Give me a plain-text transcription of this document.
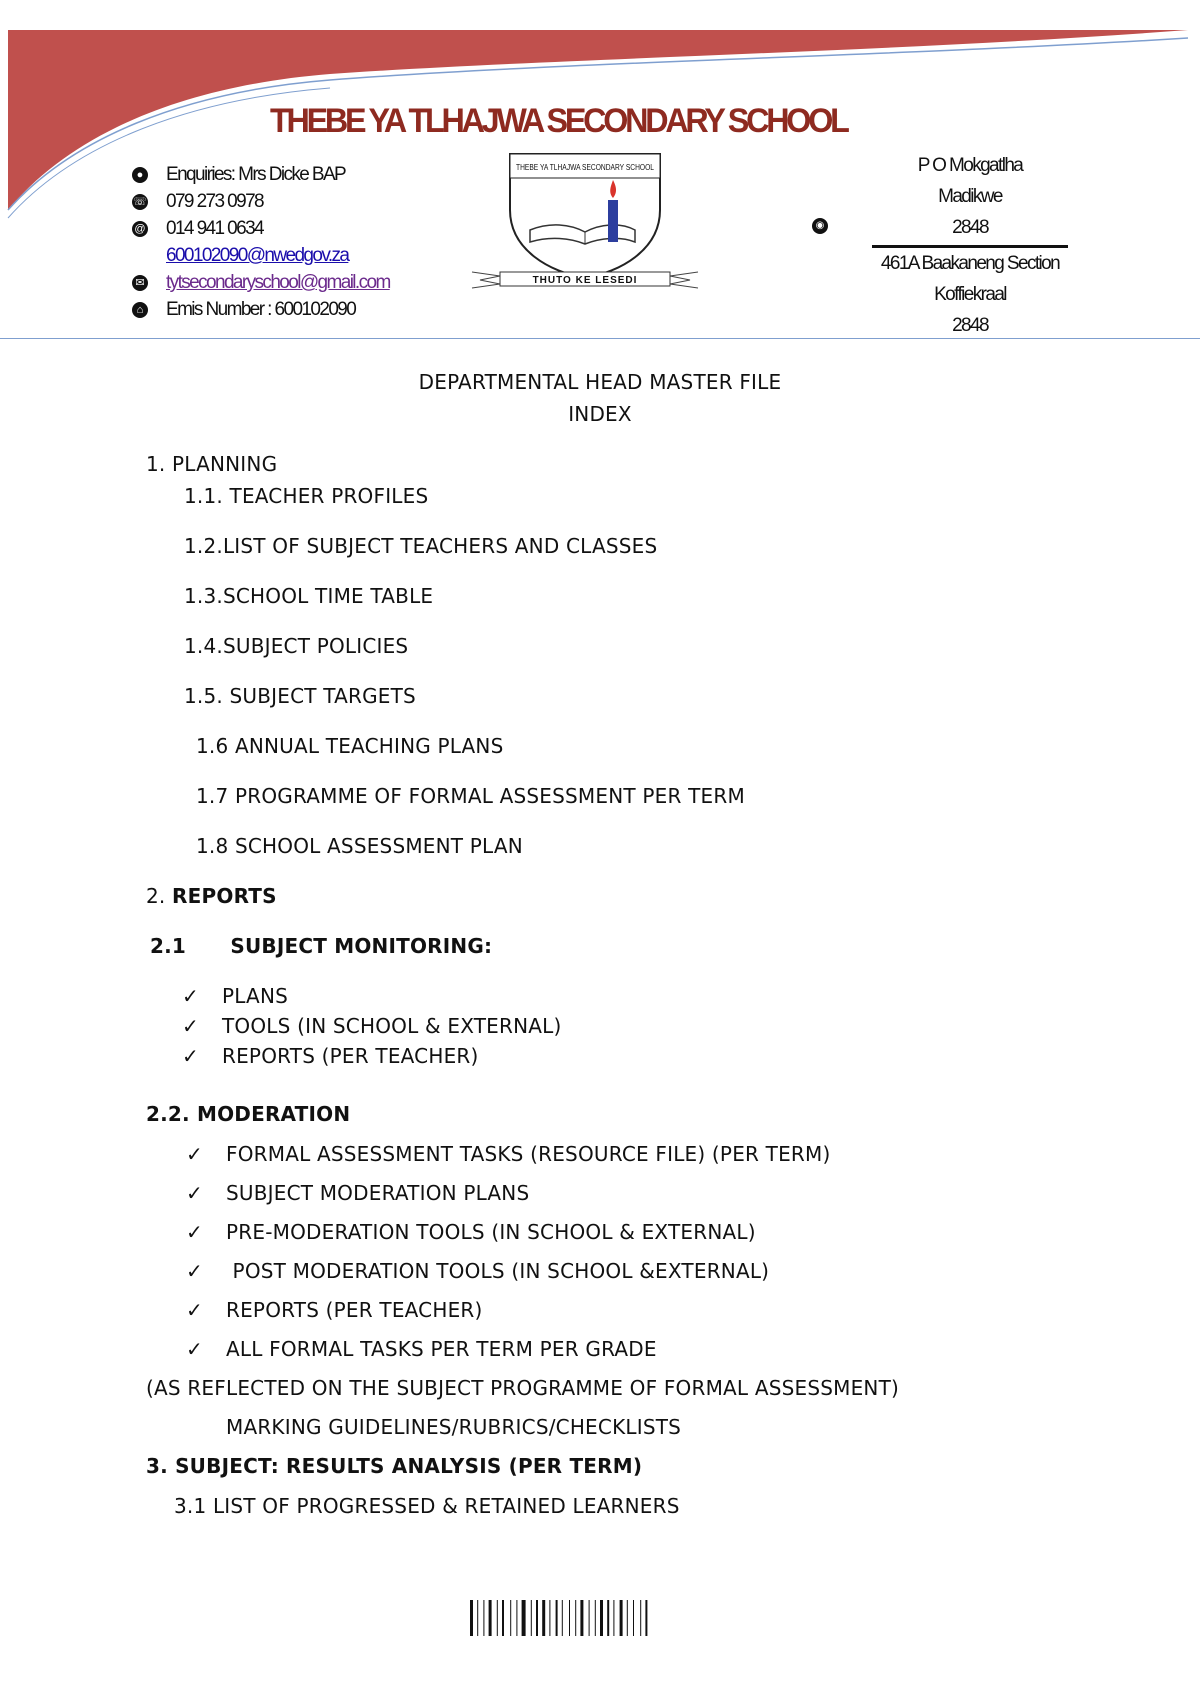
THEBE YA TLHAJWA SECONDARY SCHOOL
● Enquiries: Mrs Dicke BAP
☏ 079 273 0978
@ 014 941 0634
600102090@nwedgov.za
✉ tytsecondaryschool@gmail.com
⌂ Emis Number : 600102090
THEBE YA TLHAJWA SECONDARY SCHOOL
THUTO KE LESEDI
◉
P O Mokgatlha
Madikwe
2848
461A Baakaneng Section
Koffiekraal
2848
DEPARTMENTAL HEAD MASTER FILE
INDEX
1. PLANNING
1.1. TEACHER PROFILES
1.2.LIST OF SUBJECT TEACHERS AND CLASSES
1.3.SCHOOL TIME TABLE
1.4.SUBJECT POLICIES
1.5. SUBJECT TARGETS
1.6 ANNUAL TEACHING PLANS
1.7 PROGRAMME OF FORMAL ASSESSMENT PER TERM
1.8 SCHOOL ASSESSMENT PLAN
2. REPORTS
2.1 SUBJECT MONITORING:
✓ PLANS
✓ TOOLS (IN SCHOOL & EXTERNAL)
✓ REPORTS (PER TEACHER)
2.2. MODERATION
✓ FORMAL ASSESSMENT TASKS (RESOURCE FILE) (PER TERM)
✓ SUBJECT MODERATION PLANS
✓ PRE-MODERATION TOOLS (IN SCHOOL & EXTERNAL)
✓ POST MODERATION TOOLS (IN SCHOOL &EXTERNAL)
✓ REPORTS (PER TEACHER)
✓ ALL FORMAL TASKS PER TERM PER GRADE
(AS REFLECTED ON THE SUBJECT PROGRAMME OF FORMAL ASSESSMENT)
MARKING GUIDELINES/RUBRICS/CHECKLISTS
3. SUBJECT: RESULTS ANALYSIS (PER TERM)
3.1 LIST OF PROGRESSED & RETAINED LEARNERS
